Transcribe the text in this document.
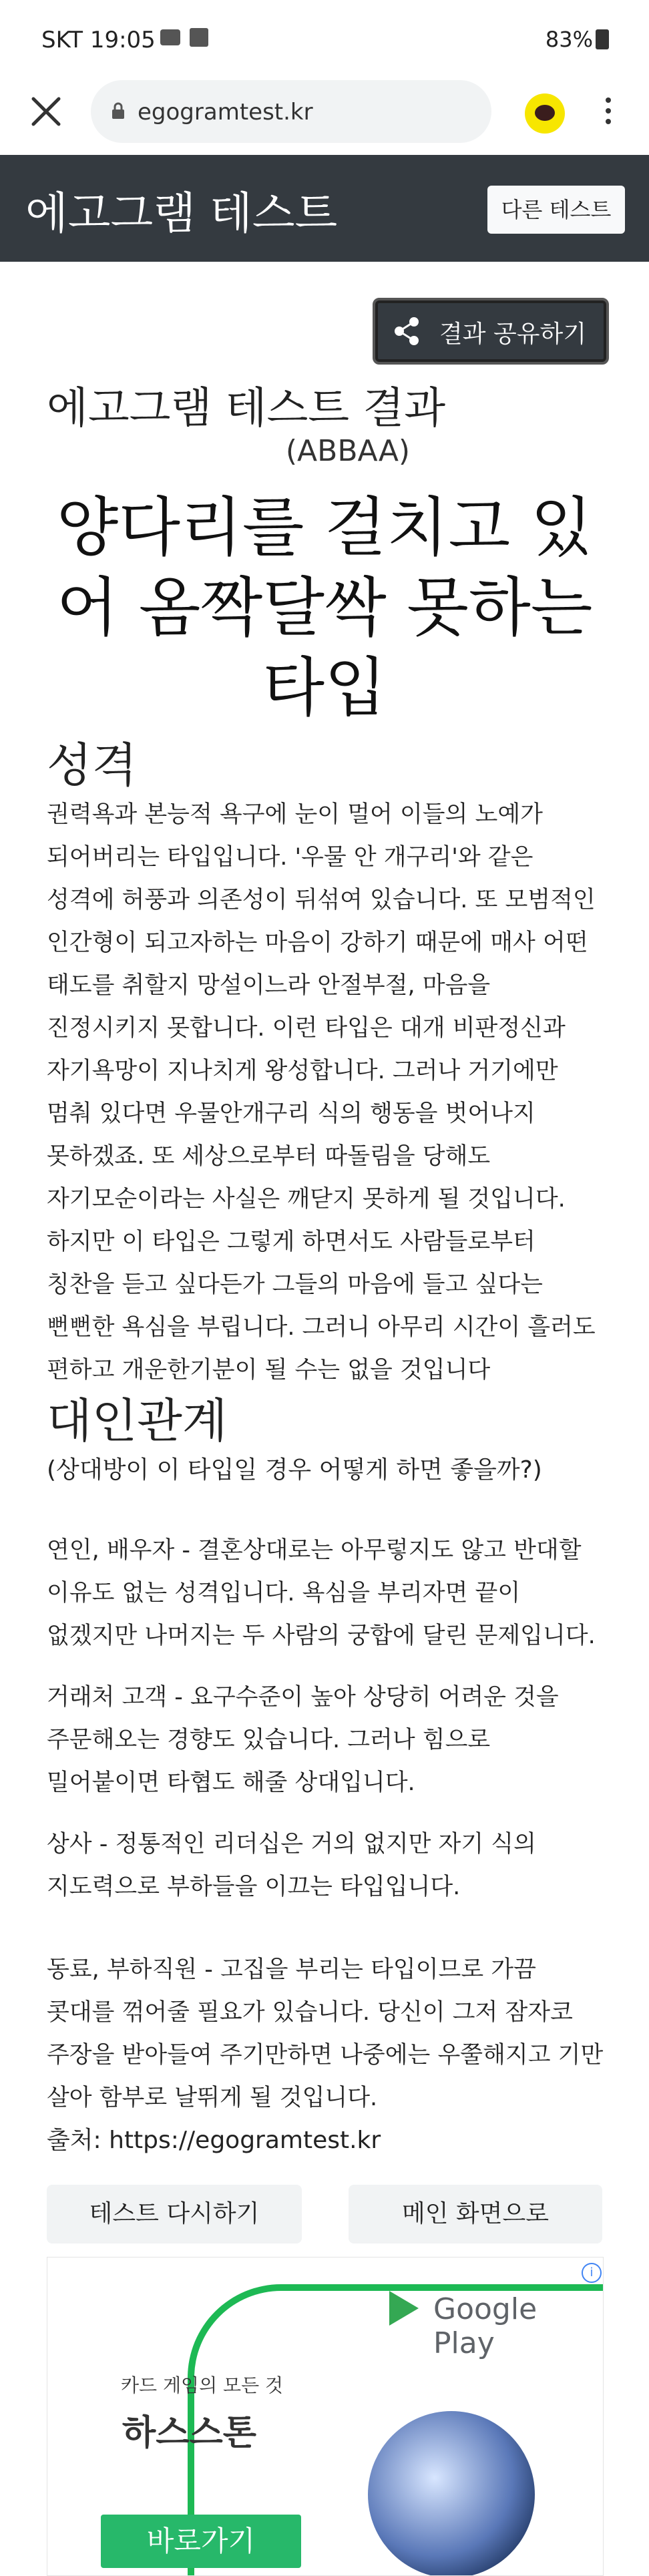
SKT 19:05	83%
egogramtest.kr
에고그램 테스트	다른 테스트
결과 공유하기
에고그램 테스트 결과
(ABBAA)
양다리를 걸치고 있어 옴짝달싹 못하는 타입
성격
권력욕과 본능적 욕구에 눈이 멀어 이들의 노예가 되어버리는 타입입니다. '우물 안 개구리'와 같은 성격에 허풍과 의존성이 뒤섞여 있습니다. 또 모범적인 인간형이 되고자하는 마음이 강하기 때문에 매사 어떤 태도를 취할지 망설이느라 안절부절, 마음을 진정시키지 못합니다. 이런 타입은 대개 비판정신과 자기욕망이 지나치게 왕성합니다. 그러나 거기에만 멈춰 있다면 우물안개구리 식의 행동을 벗어나지 못하겠죠. 또 세상으로부터 따돌림을 당해도 자기모순이라는 사실은 깨닫지 못하게 될 것입니다. 하지만 이 타입은 그렇게 하면서도 사람들로부터 칭찬을 듣고 싶다든가 그들의 마음에 들고 싶다는 뻔뻔한 욕심을 부립니다. 그러니 아무리 시간이 흘러도 편하고 개운한기분이 될 수는 없을 것입니다
대인관계
(상대방이 이 타입일 경우 어떻게 하면 좋을까?)
연인, 배우자 - 결혼상대로는 아무렇지도 않고 반대할 이유도 없는 성격입니다. 욕심을 부리자면 끝이 없겠지만 나머지는 두 사람의 궁합에 달린 문제입니다.
거래처 고객 - 요구수준이 높아 상당히 어려운 것을 주문해오는 경향도 있습니다. 그러나 힘으로 밀어붙이면 타협도 해줄 상대입니다.
상사 - 정통적인 리더십은 거의 없지만 자기 식의 지도력으로 부하들을 이끄는 타입입니다.
동료, 부하직원 - 고집을 부리는 타입이므로 가끔 콧대를 꺾어줄 필요가 있습니다. 당신이 그저 잠자코 주장을 받아들여 주기만하면 나중에는 우쭐해지고 기만 살아 함부로 날뛰게 될 것입니다.
출처: https://egogramtest.kr
테스트 다시하기	메인 화면으로
Google Play
i
카드 게임의 모든 것
하스스톤
바로가기
